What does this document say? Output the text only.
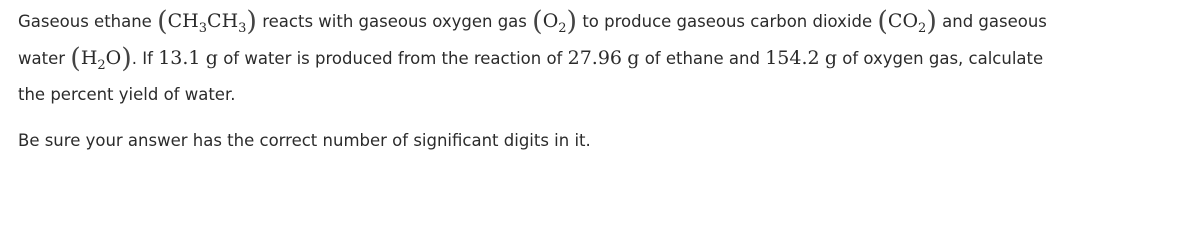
Gaseous ethane $(CH_3CH_3)$ reacts with gaseous oxygen gas $(O_2)$ to produce gaseous carbon dioxide $(CO_2)$ and gaseous
water $(H_2O)$. If 13.1 g of water is produced from the reaction of 27.96 g of ethane and 154.2 g of oxygen gas, calculate
the percent yield of water.

Be sure your answer has the correct number of significant digits in it.
